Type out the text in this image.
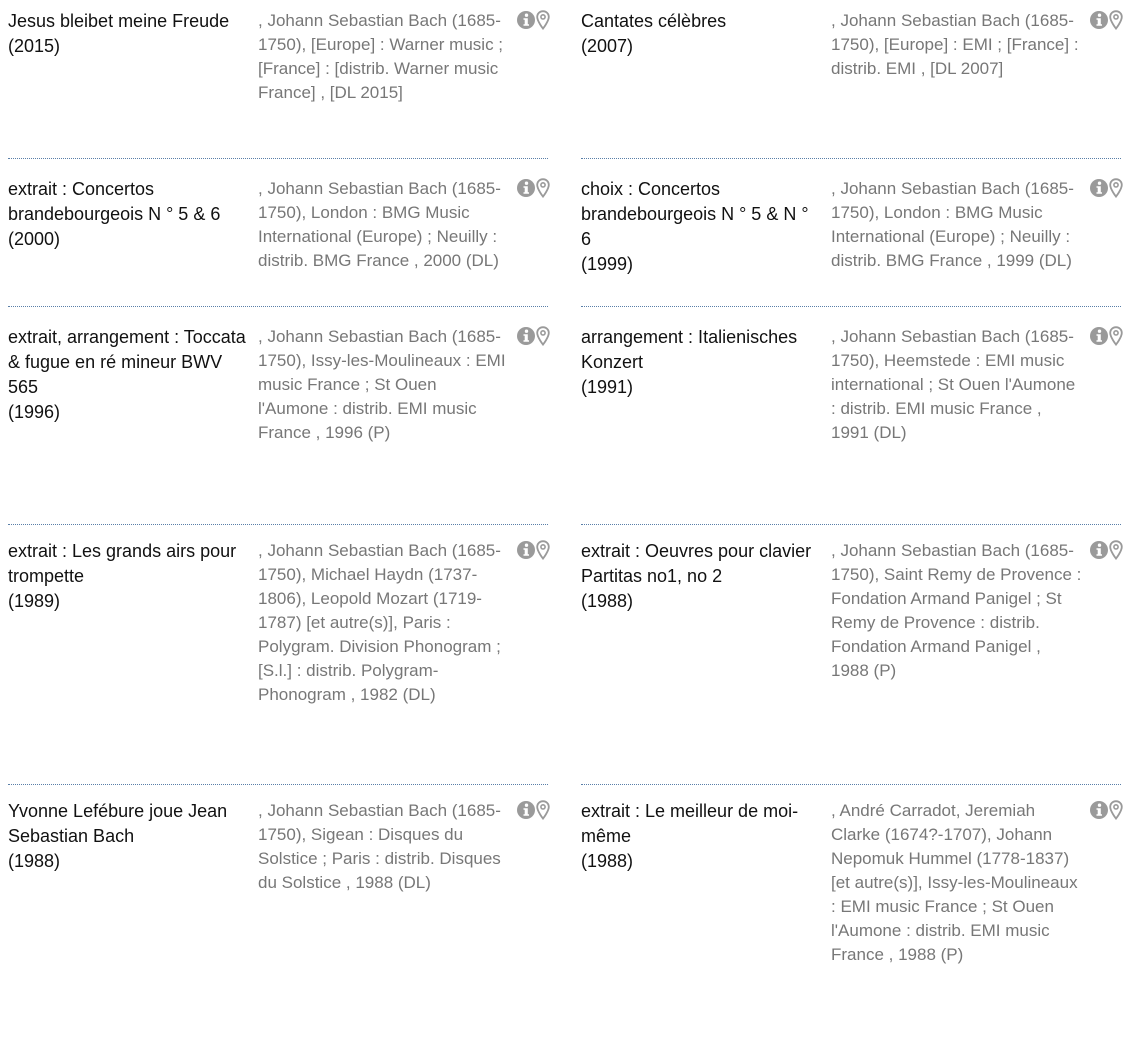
Jesus bleibet meine Freude
(2015)
, Johann Sebastian Bach (1685-1750), [Europe] : Warner music ; [France] : [distrib. Warner music France] , [DL 2015]
Cantates célèbres
(2007)
, Johann Sebastian Bach (1685-1750), [Europe] : EMI ; [France] : distrib. EMI , [DL 2007]
extrait : Concertos brandebourgeois N ° 5 & 6
(2000)
, Johann Sebastian Bach (1685-1750), London : BMG Music International (Europe) ; Neuilly : distrib. BMG France , 2000 (DL)
choix : Concertos brandebourgeois N ° 5 & N ° 6
(1999)
, Johann Sebastian Bach (1685-1750), London : BMG Music International (Europe) ; Neuilly : distrib. BMG France , 1999 (DL)
extrait, arrangement : Toccata & fugue en ré mineur BWV 565
(1996)
, Johann Sebastian Bach (1685-1750), Issy-les-Moulineaux : EMI music France ; St Ouen l'Aumone : distrib. EMI music France , 1996 (P)
arrangement : Italienisches Konzert
(1991)
, Johann Sebastian Bach (1685-1750), Heemstede : EMI music international ; St Ouen l'Aumone : distrib. EMI music France , 1991 (DL)
extrait : Les grands airs pour trompette
(1989)
, Johann Sebastian Bach (1685-1750), Michael Haydn (1737-1806), Leopold Mozart (1719-1787) [et autre(s)], Paris : Polygram. Division Phonogram ; [S.l.] : distrib. Polygram-Phonogram , 1982 (DL)
extrait : Oeuvres pour clavier Partitas no1, no 2
(1988)
, Johann Sebastian Bach (1685-1750), Saint Remy de Provence : Fondation Armand Panigel ; St Remy de Provence : distrib. Fondation Armand Panigel , 1988 (P)
Yvonne Lefébure joue Jean Sebastian Bach
(1988)
, Johann Sebastian Bach (1685-1750), Sigean : Disques du Solstice ; Paris : distrib. Disques du Solstice , 1988 (DL)
extrait : Le meilleur de moi-même
(1988)
, André Carradot, Jeremiah Clarke (1674?-1707), Johann Nepomuk Hummel (1778-1837) [et autre(s)], Issy-les-Moulineaux : EMI music France ; St Ouen l'Aumone : distrib. EMI music France , 1988 (P)
